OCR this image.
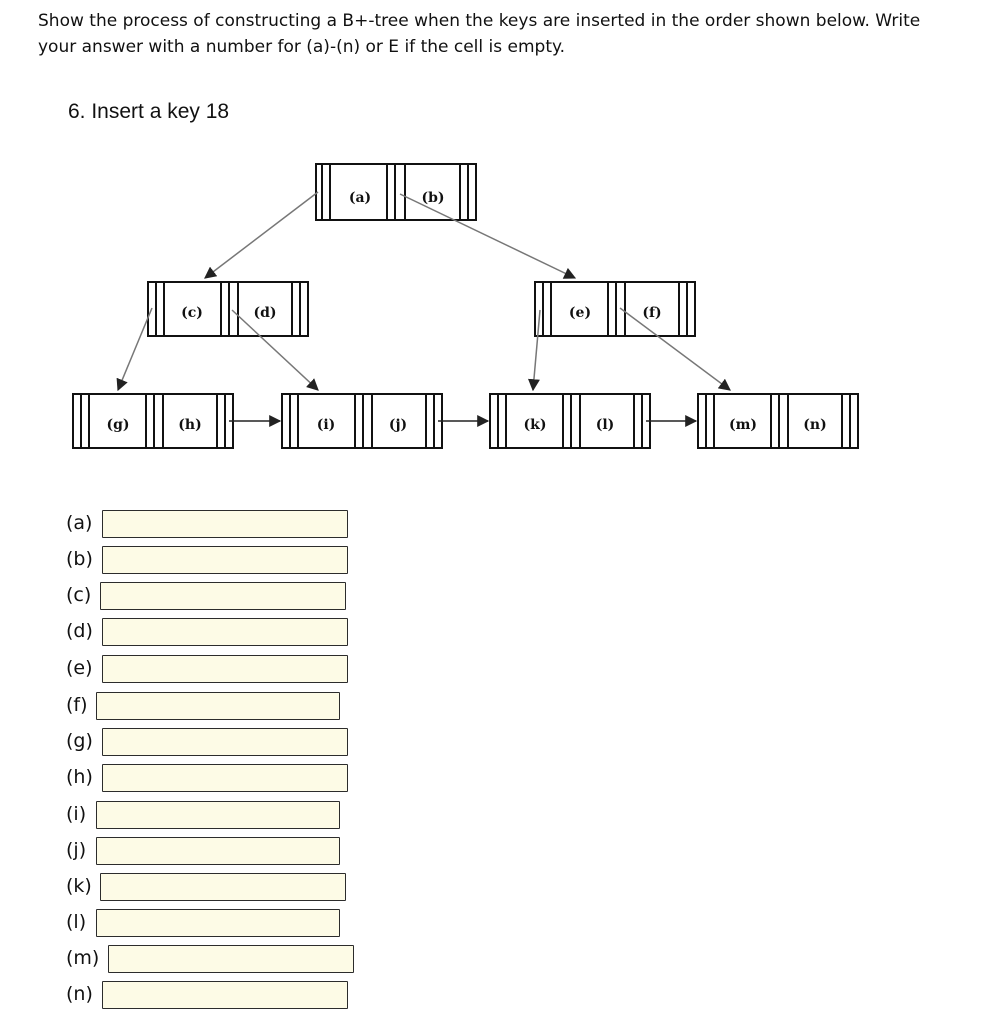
Show the process of constructing a B+-tree when the keys are inserted in the order shown below. Write your answer with a number for (a)-(n) or E if the cell is empty.
6. Insert a key 18
(a)	(b)
(c)	(d)	(e)	(f)
(g)	(h)	(i)	(j)	(k)	(l)	(m)	(n)
(a)
(b)
(c)
(d)
(e)
(f)
(g)
(h)
(i)
(j)
(k)
(l)
(m)
(n)
